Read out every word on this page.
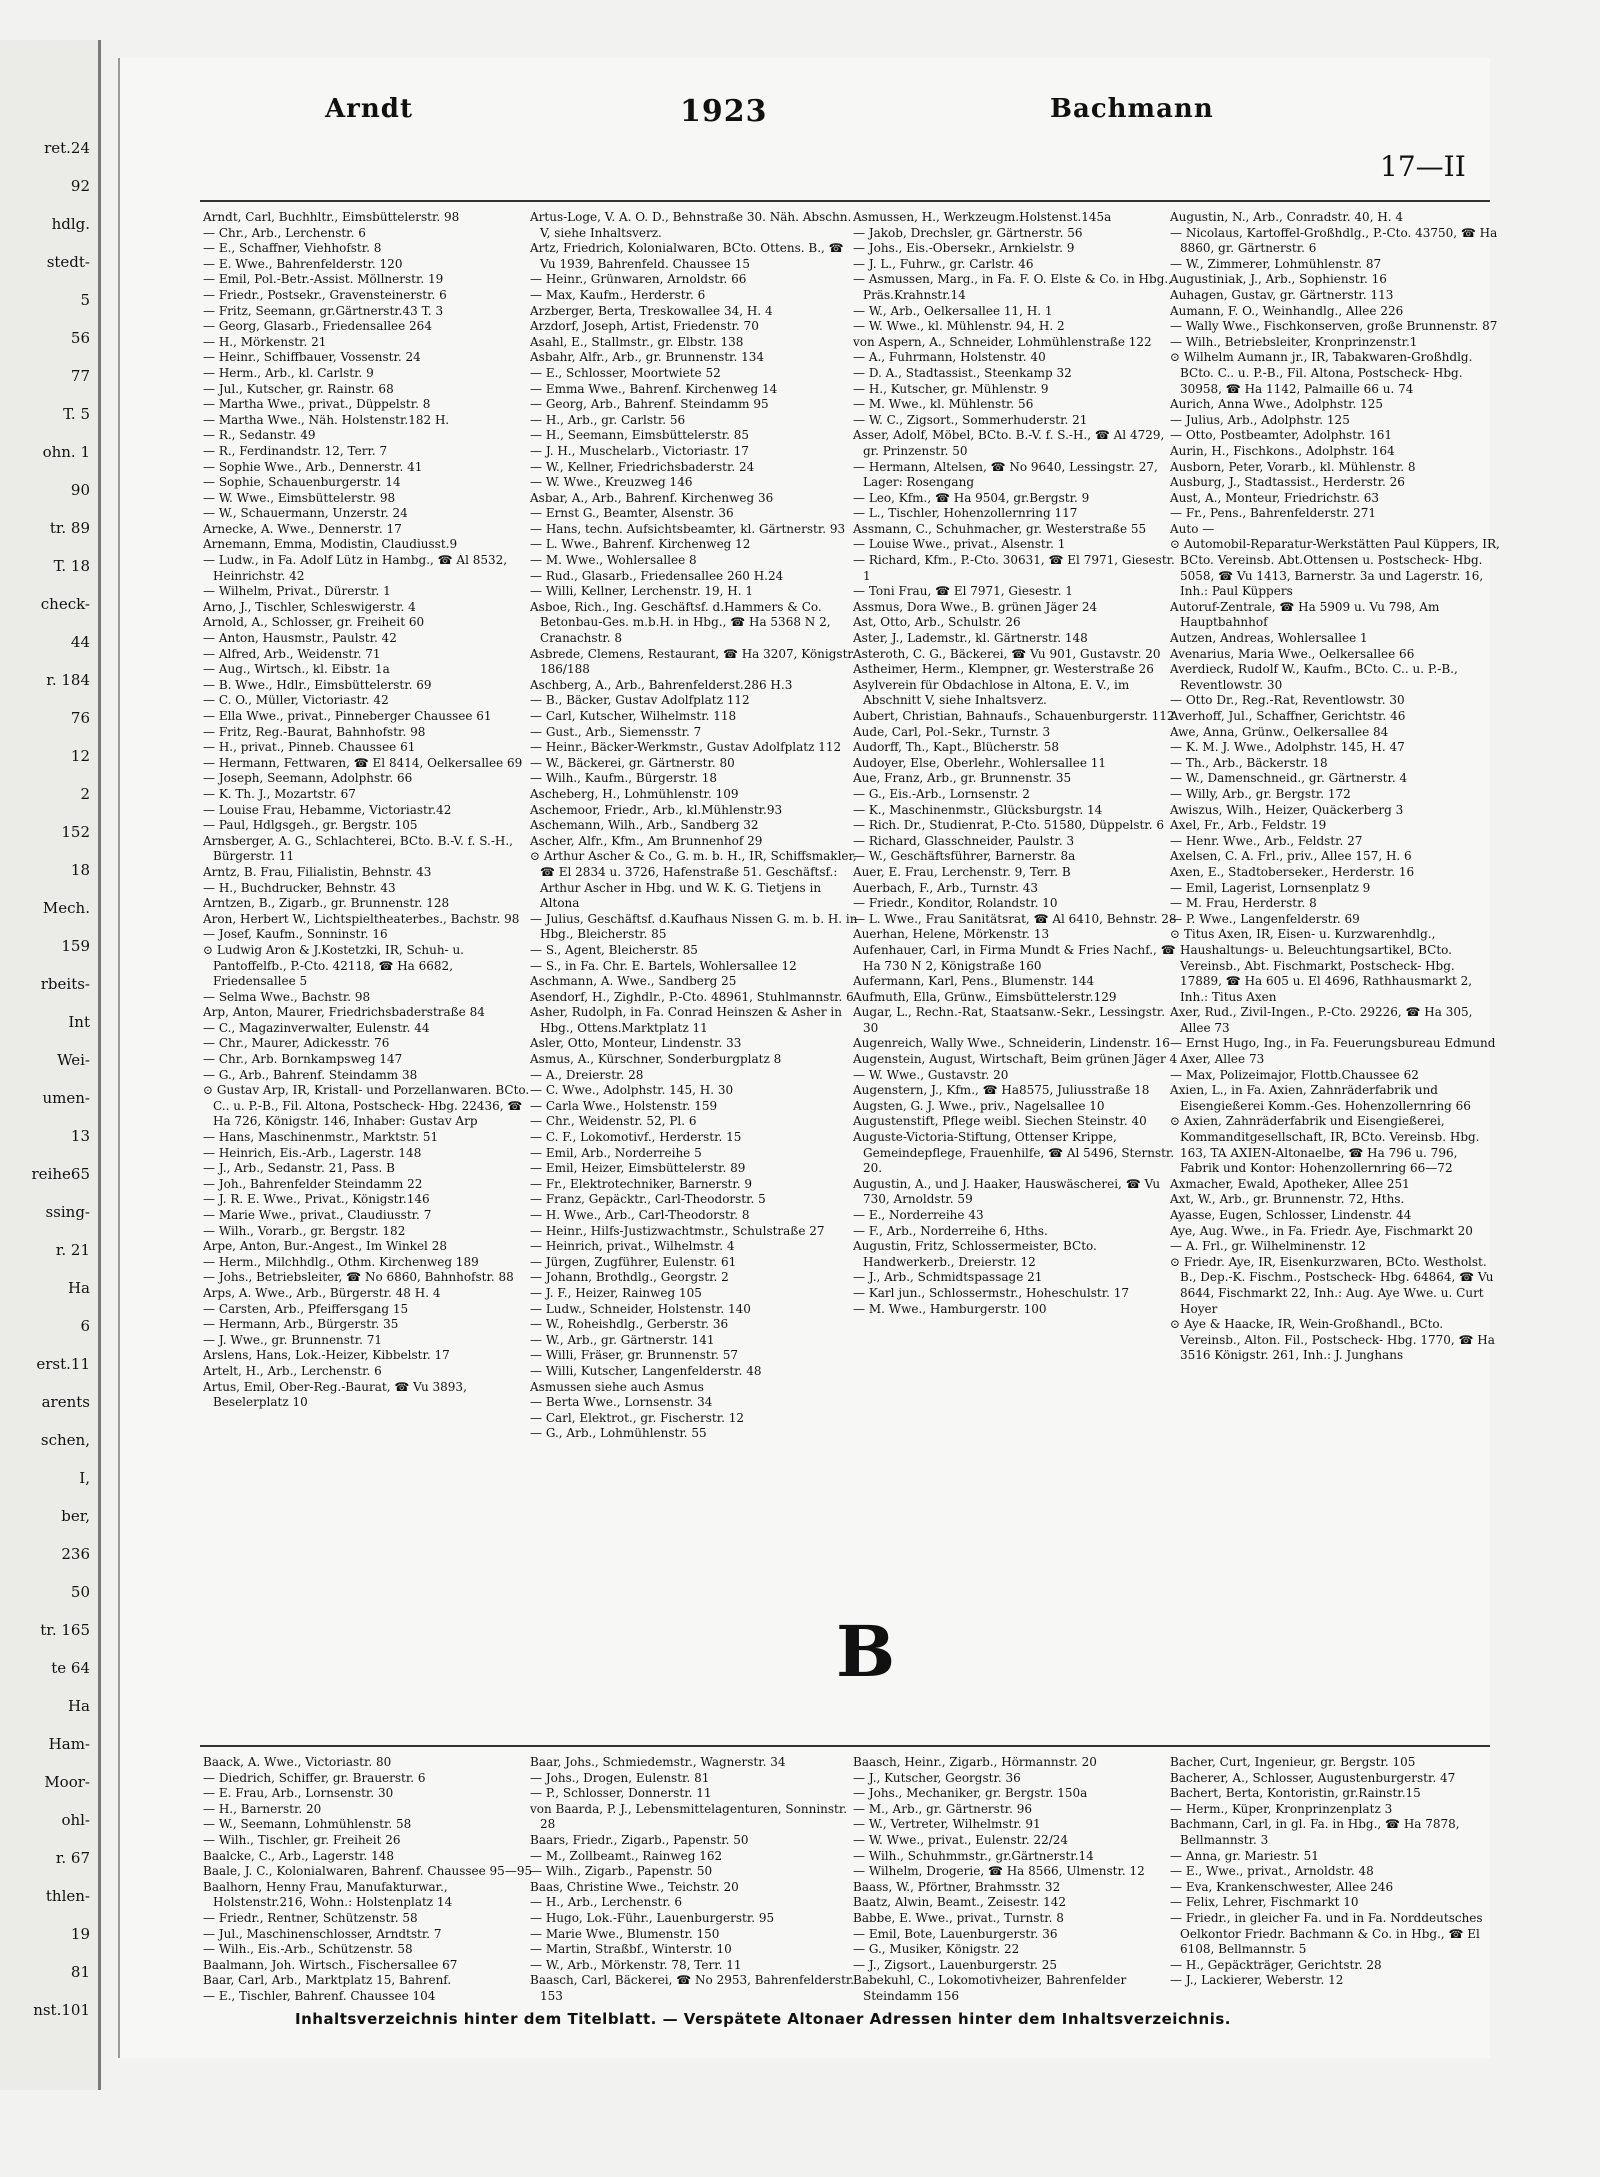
ret.24
92
hdlg.
stedt-
5
56
77
T. 5
ohn. 1
90
tr. 89
T. 18
check-
44
r. 184
76
12
2
152
18
Mech.
159
rbeits-
Int
Wei-
umen-
13
reihe65
ssing-
r. 21
Ha
6
erst.11
arents
schen,
I,
ber,
236
50
tr. 165
te 64
Ha
Ham-
Moor-
ohl-
r. 67
thlen-
19
81
nst.101
Arndt	1923	Bachmann
17—II

Arndt, Carl, Buchhltr., Eimsbüttelerstr. 98

— Chr., Arb., Lerchenstr. 6

— E., Schaffner, Viehhofstr. 8

— E. Wwe., Bahrenfelderstr. 120

— Emil, Pol.-Betr.-Assist. Möllnerstr. 19

— Friedr., Postsekr., Gravensteinerstr. 6

— Fritz, Seemann, gr.Gärtnerstr.43 T. 3

— Georg, Glasarb., Friedensallee 264

— H., Mörkenstr. 21

— Heinr., Schiffbauer, Vossenstr. 24

— Herm., Arb., kl. Carlstr. 9

— Jul., Kutscher, gr. Rainstr. 68

— Martha Wwe., privat., Düppelstr. 8

— Martha Wwe., Näh. Holstenstr.182 H.

— R., Sedanstr. 49

— R., Ferdinandstr. 12, Terr. 7

— Sophie Wwe., Arb., Dennerstr. 41

— Sophie, Schauenburgerstr. 14

— W. Wwe., Eimsbüttelerstr. 98

— W., Schauermann, Unzerstr. 24

Arnecke, A. Wwe., Dennerstr. 17

Arnemann, Emma, Modistin, Claudiusst.9

— Ludw., in Fa. Adolf Lütz in Hambg., ☎ Al 8532, Heinrichstr. 42

— Wilhelm, Privat., Dürerstr. 1

Arno, J., Tischler, Schleswigerstr. 4

Arnold, A., Schlosser, gr. Freiheit 60

— Anton, Hausmstr., Paulstr. 42

— Alfred, Arb., Weidenstr. 71

— Aug., Wirtsch., kl. Eibstr. 1a

— B. Wwe., Hdlr., Eimsbüttelerstr. 69

— C. O., Müller, Victoriastr. 42

— Ella Wwe., privat., Pinneberger Chaussee 61

— Fritz, Reg.-Baurat, Bahnhofstr. 98

— H., privat., Pinneb. Chaussee 61

— Hermann, Fettwaren, ☎ El 8414, Oelkersallee 69

— Joseph, Seemann, Adolphstr. 66

— K. Th. J., Mozartstr. 67

— Louise Frau, Hebamme, Victoriastr.42

— Paul, Hdlgsgeh., gr. Bergstr. 105

Arnsberger, A. G., Schlachterei, BCto. B.-V. f. S.-H., Bürgerstr. 11

Arntz, B. Frau, Filialistin, Behnstr. 43

— H., Buchdrucker, Behnstr. 43

Arntzen, B., Zigarb., gr. Brunnenstr. 128

Aron, Herbert W., Lichtspieltheaterbes., Bachstr. 98

— Josef, Kaufm., Sonninstr. 16

⊙ Ludwig Aron & J.Kostetzki, IR, Schuh- u. Pantoffelfb., P.-Cto. 42118, ☎ Ha 6682, Friedensallee 5

— Selma Wwe., Bachstr. 98

Arp, Anton, Maurer, Friedrichsbaderstraße 84

— C., Magazinverwalter, Eulenstr. 44

— Chr., Maurer, Adickesstr. 76

— Chr., Arb. Bornkampsweg 147

— G., Arb., Bahrenf. Steindamm 38

⊙ Gustav Arp, IR, Kristall- und Porzellanwaren. BCto. C.. u. P.-B., Fil. Altona, Postscheck- Hbg. 22436, ☎ Ha 726, Königstr. 146, Inhaber: Gustav Arp

— Hans, Maschinenmstr., Marktstr. 51

— Heinrich, Eis.-Arb., Lagerstr. 148

— J., Arb., Sedanstr. 21, Pass. B

— Joh., Bahrenfelder Steindamm 22

— J. R. E. Wwe., Privat., Königstr.146

— Marie Wwe., privat., Claudiusstr. 7

— Wilh., Vorarb., gr. Bergstr. 182

Arpe, Anton, Bur.-Angest., Im Winkel 28

— Herm., Milchhdlg., Othm. Kirchenweg 189

— Johs., Betriebsleiter, ☎ No 6860, Bahnhofstr. 88

Arps, A. Wwe., Arb., Bürgerstr. 48 H. 4

— Carsten, Arb., Pfeiffersgang 15

— Hermann, Arb., Bürgerstr. 35

— J. Wwe., gr. Brunnenstr. 71

Arslens, Hans, Lok.-Heizer, Kibbelstr. 17

Artelt, H., Arb., Lerchenstr. 6

Artus, Emil, Ober-Reg.-Baurat, ☎ Vu 3893, Beselerplatz 10

Artus-Loge, V. A. O. D., Behnstraße 30. Näh. Abschn. V, siehe Inhaltsverz.

Artz, Friedrich, Kolonialwaren, BCto. Ottens. B., ☎ Vu 1939, Bahrenfeld. Chaussee 15

— Heinr., Grünwaren, Arnoldstr. 66

— Max, Kaufm., Herderstr. 6

Arzberger, Berta, Treskowallee 34, H. 4

Arzdorf, Joseph, Artist, Friedenstr. 70

Asahl, E., Stallmstr., gr. Elbstr. 138

Asbahr, Alfr., Arb., gr. Brunnenstr. 134

— E., Schlosser, Moortwiete 52

— Emma Wwe., Bahrenf. Kirchenweg 14

— Georg, Arb., Bahrenf. Steindamm 95

— H., Arb., gr. Carlstr. 56

— H., Seemann, Eimsbüttelerstr. 85

— J. H., Muschelarb., Victoriastr. 17

— W., Kellner, Friedrichsbaderstr. 24

— W. Wwe., Kreuzweg 146

Asbar, A., Arb., Bahrenf. Kirchenweg 36

— Ernst G., Beamter, Alsenstr. 36

— Hans, techn. Aufsichtsbeamter, kl. Gärtnerstr. 93

— L. Wwe., Bahrenf. Kirchenweg 12

— M. Wwe., Wohlersallee 8

— Rud., Glasarb., Friedensallee 260 H.24

— Willi, Kellner, Lerchenstr. 19, H. 1

Asboe, Rich., Ing. Geschäftsf. d.Hammers & Co. Betonbau-Ges. m.b.H. in Hbg., ☎ Ha 5368 N 2, Cranachstr. 8

Asbrede, Clemens, Restaurant, ☎ Ha 3207, Königstr. 186/188

Aschberg, A., Arb., Bahrenfelderst.286 H.3

— B., Bäcker, Gustav Adolfplatz 112

— Carl, Kutscher, Wilhelmstr. 118

— Gust., Arb., Siemensstr. 7

— Heinr., Bäcker-Werkmstr., Gustav Adolfplatz 112

— W., Bäckerei, gr. Gärtnerstr. 80

— Wilh., Kaufm., Bürgerstr. 18

Ascheberg, H., Lohmühlenstr. 109

Aschemoor, Friedr., Arb., kl.Mühlenstr.93

Aschemann, Wilh., Arb., Sandberg 32

Ascher, Alfr., Kfm., Am Brunnenhof 29

⊙ Arthur Ascher & Co., G. m. b. H., IR, Schiffsmakler, ☎ El 2834 u. 3726, Hafenstraße 51. Geschäftsf.: Arthur Ascher in Hbg. und W. K. G. Tietjens in Altona

— Julius, Geschäftsf. d.Kaufhaus Nissen G. m. b. H. in Hbg., Bleicherstr. 85

— S., Agent, Bleicherstr. 85

— S., in Fa. Chr. E. Bartels, Wohlersallee 12

Aschmann, A. Wwe., Sandberg 25

Asendorf, H., Zighdlr., P.-Cto. 48961, Stuhlmannstr. 6

Asher, Rudolph, in Fa. Conrad Heinszen & Asher in Hbg., Ottens.Marktplatz 11

Asler, Otto, Monteur, Lindenstr. 33

Asmus, A., Kürschner, Sonderburgplatz 8

— A., Dreierstr. 28

— C. Wwe., Adolphstr. 145, H. 30

— Carla Wwe., Holstenstr. 159

— Chr., Weidenstr. 52, Pl. 6

— C. F., Lokomotivf., Herderstr. 15

— Emil, Arb., Norderreihe 5

— Emil, Heizer, Eimsbüttelerstr. 89

— Fr., Elektrotechniker, Barnerstr. 9

— Franz, Gepäcktr., Carl-Theodorstr. 5

— H. Wwe., Arb., Carl-Theodorstr. 8

— Heinr., Hilfs-Justizwachtmstr., Schulstraße 27

— Heinrich, privat., Wilhelmstr. 4

— Jürgen, Zugführer, Eulenstr. 61

— Johann, Brothdlg., Georgstr. 2

— J. F., Heizer, Rainweg 105

— Ludw., Schneider, Holstenstr. 140

— W., Roheishdlg., Gerberstr. 36

— W., Arb., gr. Gärtnerstr. 141

— Willi, Fräser, gr. Brunnenstr. 57

— Willi, Kutscher, Langenfelderstr. 48

Asmussen siehe auch Asmus

— Berta Wwe., Lornsenstr. 34

— Carl, Elektrot., gr. Fischerstr. 12

— G., Arb., Lohmühlenstr. 55

Asmussen, H., Werkzeugm.Holstenst.145a

— Jakob, Drechsler, gr. Gärtnerstr. 56

— Johs., Eis.-Obersekr., Arnkielstr. 9

— J. L., Fuhrw., gr. Carlstr. 46

— Asmussen, Marg., in Fa. F. O. Elste & Co. in Hbg., Präs.Krahnstr.14

— W., Arb., Oelkersallee 11, H. 1

— W. Wwe., kl. Mühlenstr. 94, H. 2

von Aspern, A., Schneider, Lohmühlenstraße 122

— A., Fuhrmann, Holstenstr. 40

— D. A., Stadtassist., Steenkamp 32

— H., Kutscher, gr. Mühlenstr. 9

— M. Wwe., kl. Mühlenstr. 56

— W. C., Zigsort., Sommerhuderstr. 21

Asser, Adolf, Möbel, BCto. B.-V. f. S.-H., ☎ Al 4729, gr. Prinzenstr. 50

— Hermann, Altelsen, ☎ No 9640, Lessingstr. 27, Lager: Rosengang

— Leo, Kfm., ☎ Ha 9504, gr.Bergstr. 9

— L., Tischler, Hohenzollernring 117

Assmann, C., Schuhmacher, gr. Westerstraße 55

— Louise Wwe., privat., Alsenstr. 1

— Richard, Kfm., P.-Cto. 30631, ☎ El 7971, Giesestr. 1

— Toni Frau, ☎ El 7971, Giesestr. 1

Assmus, Dora Wwe., B. grünen Jäger 24

Ast, Otto, Arb., Schulstr. 26

Aster, J., Lademstr., kl. Gärtnerstr. 148

Asteroth, C. G., Bäckerei, ☎ Vu 901, Gustavstr. 20

Astheimer, Herm., Klempner, gr. Westerstraße 26

Asylverein für Obdachlose in Altona, E. V., im Abschnitt V, siehe Inhaltsverz.

Aubert, Christian, Bahnaufs., Schauenburgerstr. 112

Aude, Carl, Pol.-Sekr., Turnstr. 3

Audorff, Th., Kapt., Blücherstr. 58

Audoyer, Else, Oberlehr., Wohlersallee 11

Aue, Franz, Arb., gr. Brunnenstr. 35

— G., Eis.-Arb., Lornsenstr. 2

— K., Maschinenmstr., Glücksburgstr. 14

— Rich. Dr., Studienrat, P.-Cto. 51580, Düppelstr. 6

— Richard, Glasschneider, Paulstr. 3

— W., Geschäftsführer, Barnerstr. 8a

Auer, E. Frau, Lerchenstr. 9, Terr. B

Auerbach, F., Arb., Turnstr. 43

— Friedr., Konditor, Rolandstr. 10

— L. Wwe., Frau Sanitätsrat, ☎ Al 6410, Behnstr. 28

Auerhan, Helene, Mörkenstr. 13

Aufenhauer, Carl, in Firma Mundt & Fries Nachf., ☎ Ha 730 N 2, Königstraße 160

Aufermann, Karl, Pens., Blumenstr. 144

Aufmuth, Ella, Grünw., Eimsbüttelerstr.129

Augar, L., Rechn.-Rat, Staatsanw.-Sekr., Lessingstr. 30

Augenreich, Wally Wwe., Schneiderin, Lindenstr. 16

Augenstein, August, Wirtschaft, Beim grünen Jäger 4

— W. Wwe., Gustavstr. 20

Augenstern, J., Kfm., ☎ Ha8575, Juliusstraße 18

Augsten, G. J. Wwe., priv., Nagelsallee 10

Augustenstift, Pflege weibl. Siechen Steinstr. 40

Auguste-Victoria-Stiftung, Ottenser Krippe, Gemeindepflege, Frauenhilfe, ☎ Al 5496, Sternstr. 20.

Augustin, A., und J. Haaker, Hauswäscherei, ☎ Vu 730, Arnoldstr. 59

— E., Norderreihe 43

— F., Arb., Norderreihe 6, Hths.

Augustin, Fritz, Schlossermeister, BCto. Handwerkerb., Dreierstr. 12

— J., Arb., Schmidtspassage 21

— Karl jun., Schlossermstr., Hoheschulstr. 17

— M. Wwe., Hamburgerstr. 100

Augustin, N., Arb., Conradstr. 40, H. 4

— Nicolaus, Kartoffel-Großhdlg., P.-Cto. 43750, ☎ Ha 8860, gr. Gärtnerstr. 6

— W., Zimmerer, Lohmühlenstr. 87

Augustiniak, J., Arb., Sophienstr. 16

Auhagen, Gustav, gr. Gärtnerstr. 113

Aumann, F. O., Weinhandlg., Allee 226

— Wally Wwe., Fischkonserven, große Brunnenstr. 87

— Wilh., Betriebsleiter, Kronprinzenstr.1

⊙ Wilhelm Aumann jr., IR, Tabakwaren-Großhdlg. BCto. C.. u. P.-B., Fil. Altona, Postscheck- Hbg. 30958, ☎ Ha 1142, Palmaille 66 u. 74

Aurich, Anna Wwe., Adolphstr. 125

— Julius, Arb., Adolphstr. 125

— Otto, Postbeamter, Adolphstr. 161

Aurin, H., Fischkons., Adolphstr. 164

Ausborn, Peter, Vorarb., kl. Mühlenstr. 8

Ausburg, J., Stadtassist., Herderstr. 26

Aust, A., Monteur, Friedrichstr. 63

— Fr., Pens., Bahrenfelderstr. 271

Auto —

⊙ Automobil-Reparatur-Werkstätten Paul Küppers, IR, BCto. Vereinsb. Abt.Ottensen u. Postscheck- Hbg. 5058, ☎ Vu 1413, Barnerstr. 3a und Lagerstr. 16, Inh.: Paul Küppers

Autoruf-Zentrale, ☎ Ha 5909 u. Vu 798, Am Hauptbahnhof

Autzen, Andreas, Wohlersallee 1

Avenarius, Maria Wwe., Oelkersallee 66

Averdieck, Rudolf W., Kaufm., BCto. C.. u. P.-B., Reventlowstr. 30

— Otto Dr., Reg.-Rat, Reventlowstr. 30

Averhoff, Jul., Schaffner, Gerichtstr. 46

Awe, Anna, Grünw., Oelkersallee 84

— K. M. J. Wwe., Adolphstr. 145, H. 47

— Th., Arb., Bäckerstr. 18

— W., Damenschneid., gr. Gärtnerstr. 4

— Willy, Arb., gr. Bergstr. 172

Awiszus, Wilh., Heizer, Quäckerberg 3

Axel, Fr., Arb., Feldstr. 19

— Henr. Wwe., Arb., Feldstr. 27

Axelsen, C. A. Frl., priv., Allee 157, H. 6

Axen, E., Stadtoberseker., Herderstr. 16

— Emil, Lagerist, Lornsenplatz 9

— M. Frau, Herderstr. 8

— P. Wwe., Langenfelderstr. 69

⊙ Titus Axen, IR, Eisen- u. Kurzwarenhdlg., Haushaltungs- u. Beleuchtungsartikel, BCto. Vereinsb., Abt. Fischmarkt, Postscheck- Hbg. 17889, ☎ Ha 605 u. El 4696, Rathhausmarkt 2, Inh.: Titus Axen

Axer, Rud., Zivil-Ingen., P.-Cto. 29226, ☎ Ha 305, Allee 73

— Ernst Hugo, Ing., in Fa. Feuerungsbureau Edmund Axer, Allee 73

— Max, Polizeimajor, Flottb.Chaussee 62

Axien, L., in Fa. Axien, Zahnräderfabrik und Eisengießerei Komm.-Ges. Hohenzollernring 66

⊙ Axien, Zahnräderfabrik und Eisengießerei, Kommanditgesellschaft, IR, BCto. Vereinsb. Hbg. 163, TA AXIEN-Altonaelbe, ☎ Ha 796 u. 796, Fabrik und Kontor: Hohenzollernring 66—72

Axmacher, Ewald, Apotheker, Allee 251

Axt, W., Arb., gr. Brunnenstr. 72, Hths.

Ayasse, Eugen, Schlosser, Lindenstr. 44

Aye, Aug. Wwe., in Fa. Friedr. Aye, Fischmarkt 20

— A. Frl., gr. Wilhelminenstr. 12

⊙ Friedr. Aye, IR, Eisenkurzwaren, BCto. Westholst. B., Dep.-K. Fischm., Postscheck- Hbg. 64864, ☎ Vu 8644, Fischmarkt 22, Inh.: Aug. Aye Wwe. u. Curt Hoyer

⊙ Aye & Haacke, IR, Wein-Großhandl., BCto. Vereinsb., Alton. Fil., Postscheck- Hbg. 1770, ☎ Ha 3516 Königstr. 261, Inh.: J. Junghans

B

Baack, A. Wwe., Victoriastr. 80

— Diedrich, Schiffer, gr. Brauerstr. 6

— E. Frau, Arb., Lornsenstr. 30

— H., Barnerstr. 20

— W., Seemann, Lohmühlenstr. 58

— Wilh., Tischler, gr. Freiheit 26

Baalcke, C., Arb., Lagerstr. 148

Baale, J. C., Kolonialwaren, Bahrenf. Chaussee 95—95

Baalhorn, Henny Frau, Manufakturwar., Holstenstr.216, Wohn.: Holstenplatz 14

— Friedr., Rentner, Schützenstr. 58

— Jul., Maschinenschlosser, Arndtstr. 7

— Wilh., Eis.-Arb., Schützenstr. 58

Baalmann, Joh. Wirtsch., Fischersallee 67

Baar, Carl, Arb., Marktplatz 15, Bahrenf.

— E., Tischler, Bahrenf. Chaussee 104

Baar, Johs., Schmiedemstr., Wagnerstr. 34

— Johs., Drogen, Eulenstr. 81

— P., Schlosser, Donnerstr. 11

von Baarda, P. J., Lebensmittelagenturen, Sonninstr. 28

Baars, Friedr., Zigarb., Papenstr. 50

— M., Zollbeamt., Rainweg 162

— Wilh., Zigarb., Papenstr. 50

Baas, Christine Wwe., Teichstr. 20

— H., Arb., Lerchenstr. 6

— Hugo, Lok.-Führ., Lauenburgerstr. 95

— Marie Wwe., Blumenstr. 150

— Martin, Straßbf., Winterstr. 10

— W., Arb., Mörkenstr. 78, Terr. 11

Baasch, Carl, Bäckerei, ☎ No 2953, Bahrenfelderstr. 153

Baasch, Heinr., Zigarb., Hörmannstr. 20

— J., Kutscher, Georgstr. 36

— Johs., Mechaniker, gr. Bergstr. 150a

— M., Arb., gr. Gärtnerstr. 96

— W., Vertreter, Wilhelmstr. 91

— W. Wwe., privat., Eulenstr. 22/24

— Wilh., Schuhmmstr., gr.Gärtnerstr.14

— Wilhelm, Drogerie, ☎ Ha 8566, Ulmenstr. 12

Baass, W., Pförtner, Brahmsstr. 32

Baatz, Alwin, Beamt., Zeisestr. 142

Babbe, E. Wwe., privat., Turnstr. 8

— Emil, Bote, Lauenburgerstr. 36

— G., Musiker, Königstr. 22

— J., Zigsort., Lauenburgerstr. 25

Babekuhl, C., Lokomotivheizer, Bahrenfelder Steindamm 156

Bacher, Curt, Ingenieur, gr. Bergstr. 105

Bacherer, A., Schlosser, Augustenburgerstr. 47

Bachert, Berta, Kontoristin, gr.Rainstr.15

— Herm., Küper, Kronprinzenplatz 3

Bachmann, Carl, in gl. Fa. in Hbg., ☎ Ha 7878, Bellmannstr. 3

— Anna, gr. Mariestr. 51

— E., Wwe., privat., Arnoldstr. 48

— Eva, Krankenschwester, Allee 246

— Felix, Lehrer, Fischmarkt 10

— Friedr., in gleicher Fa. und in Fa. Norddeutsches Oelkontor Friedr. Bachmann & Co. in Hbg., ☎ El 6108, Bellmannstr. 5

— H., Gepäckträger, Gerichtstr. 28

— J., Lackierer, Weberstr. 12

Inhaltsverzeichnis hinter dem Titelblatt. — Verspätete Altonaer Adressen hinter dem Inhaltsverzeichnis.
